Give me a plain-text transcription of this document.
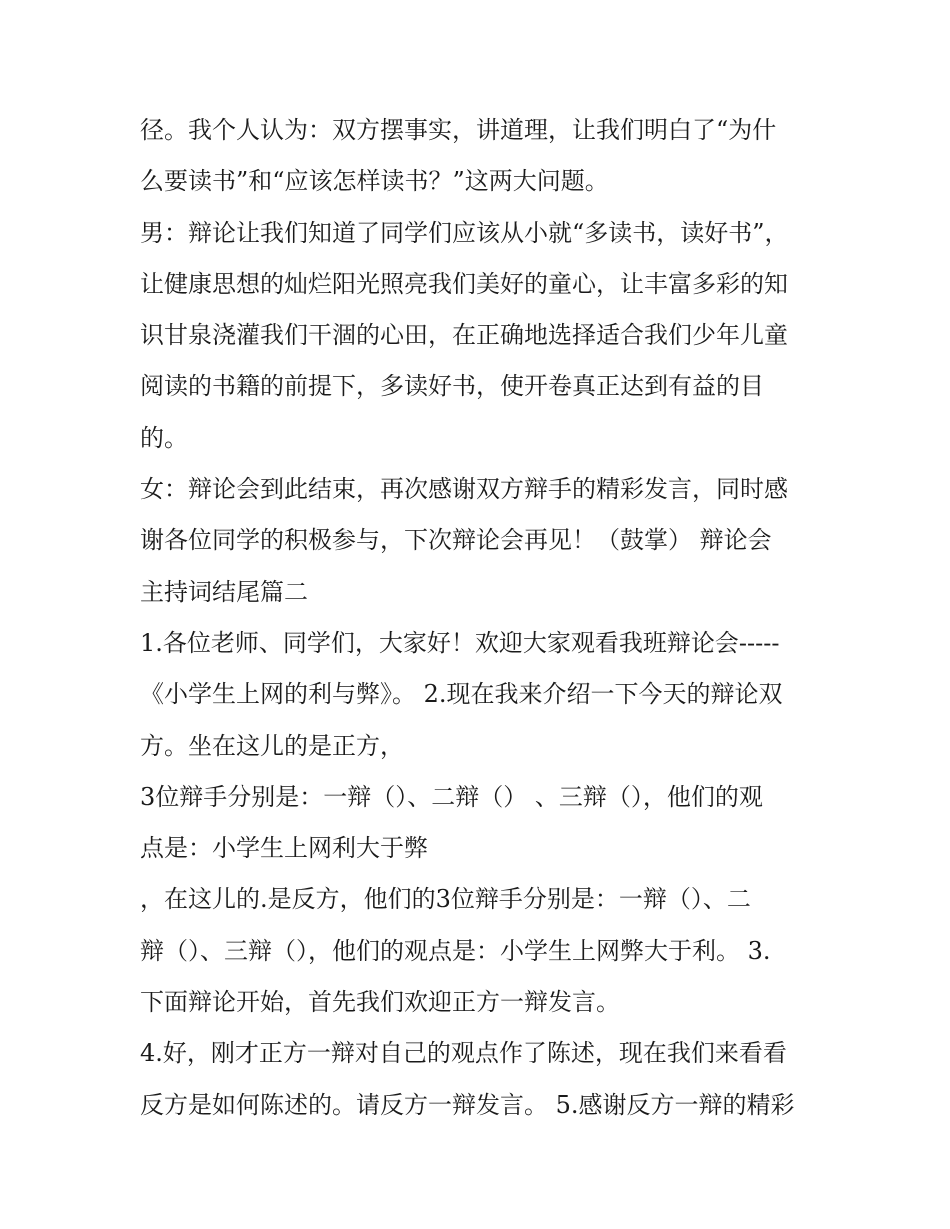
径。我个人认为：双方摆事实，讲道理，让我们明白了“为什
么要读书”和“应该怎样读书？”这两大问题。
男：辩论让我们知道了同学们应该从小就“多读书，读好书”，
让健康思想的灿烂阳光照亮我们美好的童心，让丰富多彩的知
识甘泉浇灌我们干涸的心田，在正确地选择适合我们少年儿童
阅读的书籍的前提下，多读好书，使开卷真正达到有益的目
的。
女：辩论会到此结束，再次感谢双方辩手的精彩发言，同时感
谢各位同学的积极参与，下次辩论会再见！（鼓掌） 辩论会
主持词结尾篇二
1.各位老师、同学们，大家好！欢迎大家观看我班辩论会-----
《小学生上网的利与弊》。 2.现在我来介绍一下今天的辩论双
方。坐在这儿的是正方，
3位辩手分别是：一辩（）、二辩（） 、三辩（），他们的观
点是：小学生上网利大于弊
，在这儿的.是反方，他们的3位辩手分别是：一辩（）、二
辩（）、三辩（），他们的观点是：小学生上网弊大于利。 3.
下面辩论开始，首先我们欢迎正方一辩发言。
4.好，刚才正方一辩对自己的观点作了陈述，现在我们来看看
反方是如何陈述的。请反方一辩发言。 5.感谢反方一辩的精彩
